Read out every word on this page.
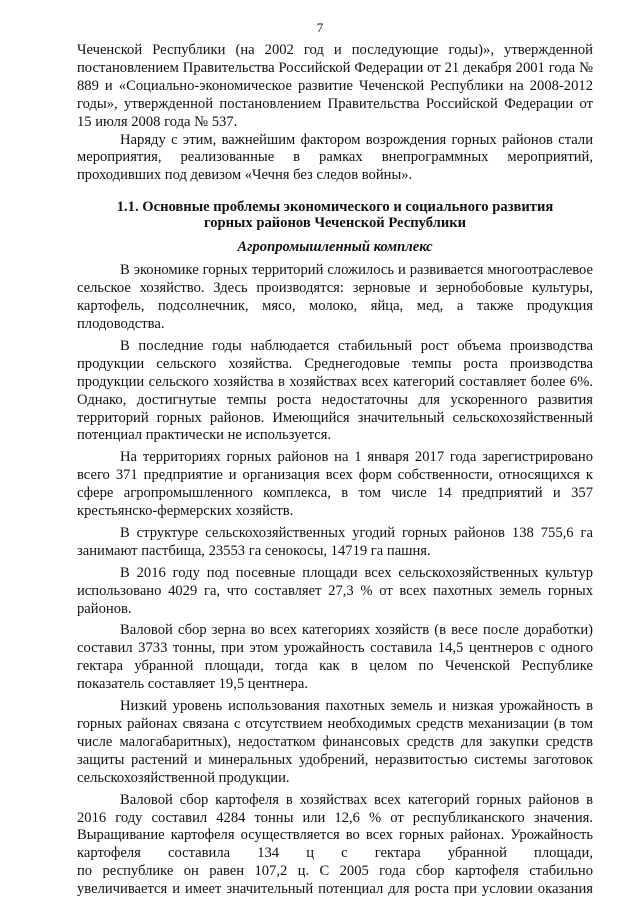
7

Чеченской Республики (на 2002 год и последующие годы)», утвержденной постановлением Правительства Российской Федерации от 21 декабря 2001 года № 889 и «Социально-экономическое развитие Чеченской Республики на 2008-2012 годы», утвержденной постановлением Правительства Российской Федерации от 15 июля 2008 года № 537.

Наряду с этим, важнейшим фактором возрождения горных районов стали мероприятия, реализованные в рамках внепрограммных мероприятий, проходивших под девизом «Чечня без следов войны».

1.1. Основные проблемы экономического и социального развития
горных районов Чеченской Республики
Агропромышленный комплекс

В экономике горных территорий сложилось и развивается многоотраслевое сельское хозяйство. Здесь производятся: зерновые и зернобобовые культуры, картофель, подсолнечник, мясо, молоко, яйца, мед, а также продукция плодоводства.

В последние годы наблюдается стабильный рост объема производства продукции сельского хозяйства. Среднегодовые темпы роста производства продукции сельского хозяйства в хозяйствах всех категорий составляет более 6%. Однако, достигнутые темпы роста недостаточны для ускоренного развития территорий горных районов. Имеющийся значительный сельскохозяйственный потенциал практически не используется.

На территориях горных районов на 1 января 2017 года зарегистрировано всего 371 предприятие и организация всех форм собственности, относящихся к сфере агропромышленного комплекса, в том числе 14 предприятий и 357 крестьянско-фермерских хозяйств.

В структуре сельскохозяйственных угодий горных районов 138 755,6 га занимают пастбища, 23553 га сенокосы, 14719 га пашня.

В 2016 году под посевные площади всех сельскохозяйственных культур использовано 4029 га, что составляет 27,3 % от всех пахотных земель горных районов.

Валовой сбор зерна во всех категориях хозяйств (в весе после доработки) составил 3733 тонны, при этом урожайность составила 14,5 центнеров с одного гектара убранной площади, тогда как в целом по Чеченской Республике показатель составляет 19,5 центнера.

Низкий уровень использования пахотных земель и низкая урожайность в горных районах связана с отсутствием необходимых средств механизации (в том числе малогабаритных), недостатком финансовых средств для закупки средств защиты растений и минеральных удобрений, неразвитостью системы заготовок сельскохозяйственной продукции.

Валовой сбор картофеля в хозяйствах всех категорий горных районов в
2016 году составил 4284 тонны или 12,6 % от республиканского значения.
Выращивание картофеля осуществляется во всех горных районах. Урожайность
картофеля составила 134 ц с гектара убранной площади,
по республике он равен 107,2 ц. С 2005 года сбор картофеля стабильно
увеличивается и имеет значительный потенциал для роста при условии оказания
